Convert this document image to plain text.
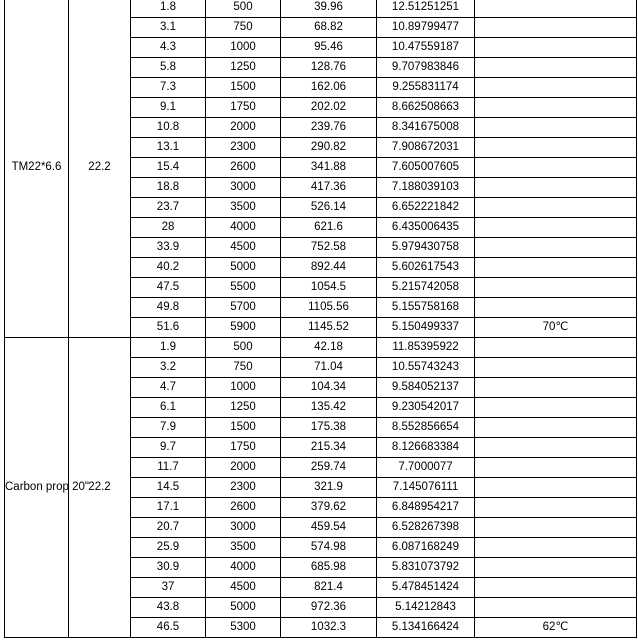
TM22*6.6	22.2	1.8	500	39.96	12.51251251	
		3.1	750	68.82	10.89799477	
		4.3	1000	95.46	10.47559187	
		5.8	1250	128.76	9.707983846	
		7.3	1500	162.06	9.255831174	
		9.1	1750	202.02	8.662508663	
		10.8	2000	239.76	8.341675008	
		13.1	2300	290.82	7.908672031	
		15.4	2600	341.88	7.605007605	
		18.8	3000	417.36	7.188039103	
		23.7	3500	526.14	6.652221842	
		28	4000	621.6	6.435006435	
		33.9	4500	752.58	5.979430758	
		40.2	5000	892.44	5.602617543	
		47.5	5500	1054.5	5.215742058	
		49.8	5700	1105.56	5.155758168	
		51.6	5900	1145.52	5.150499337	70℃
Carbon prop 20"	22.2	1.9	500	42.18	11.85395922	
		3.2	750	71.04	10.55743243	
		4.7	1000	104.34	9.584052137	
		6.1	1250	135.42	9.230542017	
		7.9	1500	175.38	8.552856654	
		9.7	1750	215.34	8.126683384	
		11.7	2000	259.74	7.7000077	
		14.5	2300	321.9	7.145076111	
		17.1	2600	379.62	6.848954217	
		20.7	3000	459.54	6.528267398	
		25.9	3500	574.98	6.087168249	
		30.9	4000	685.98	5.831073792	
		37	4500	821.4	5.478451424	
		43.8	5000	972.36	5.14212843	
		46.5	5300	1032.3	5.134166424	62℃
